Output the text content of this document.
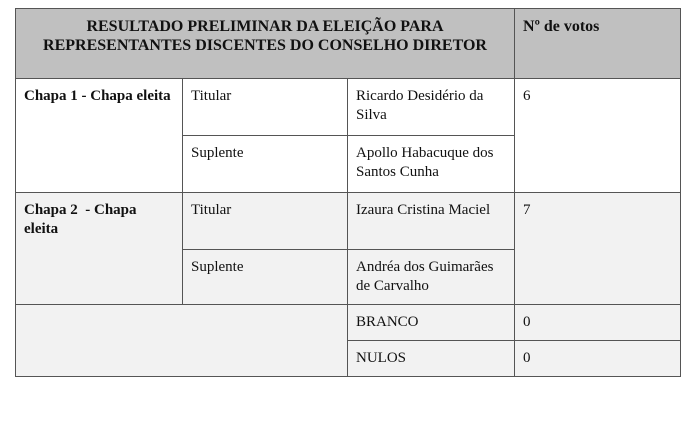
RESULTADO PRELIMINAR DA ELEIÇÃO PARA REPRESENTANTES DISCENTES DO CONSELHO DIRETOR			Nº de votos
Chapa 1 - Chapa eleita	Titular	Ricardo Desidério da Silva	6
	Suplente	Apollo Habacuque dos Santos Cunha	
Chapa 2  - Chapa eleita	Titular	Izaura Cristina Maciel	7
	Suplente	Andréa dos Guimarães de Carvalho	
		BRANCO	0
		NULOS	0
